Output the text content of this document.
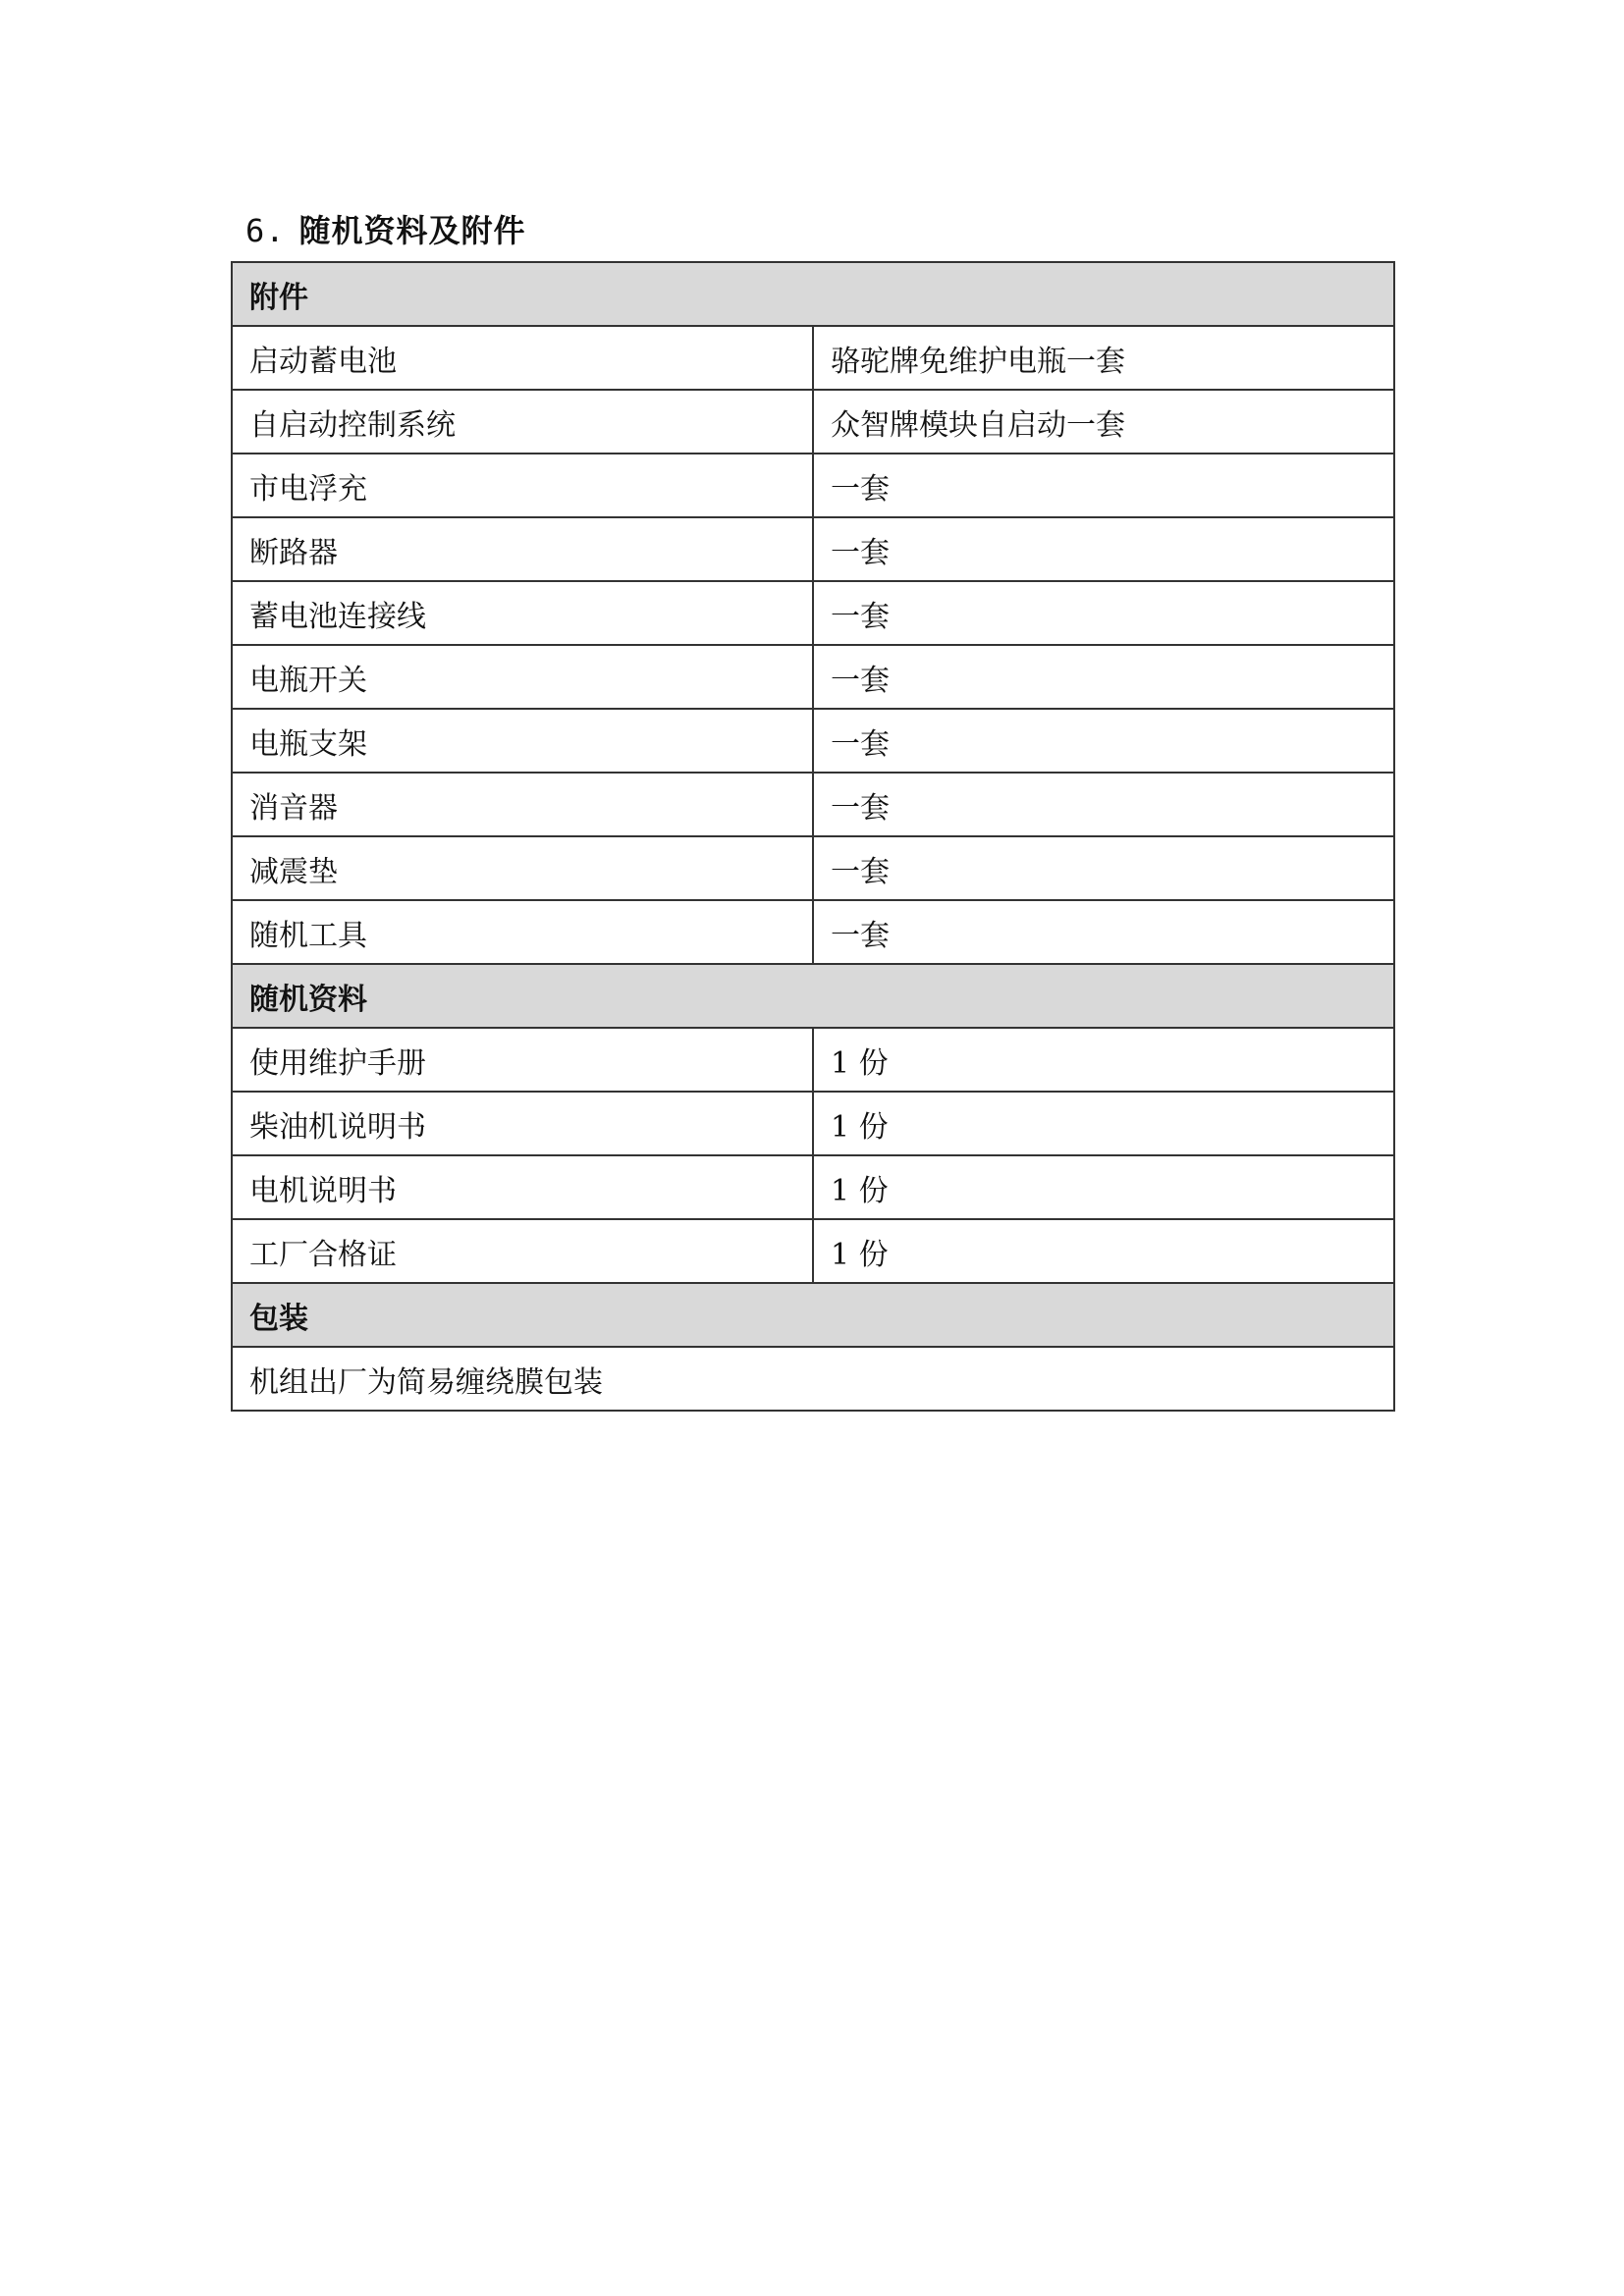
6. 随机资料及附件
附件	
启动蓄电池	骆驼牌免维护电瓶一套
自启动控制系统	众智牌模块自启动一套
市电浮充	一套
断路器	一套
蓄电池连接线	一套
电瓶开关	一套
电瓶支架	一套
消音器	一套
减震垫	一套
随机工具	一套
随机资料	
使用维护手册	1 份
柴油机说明书	1 份
电机说明书	1 份
工厂合格证	1 份
包装	
机组出厂为简易缠绕膜包装	
